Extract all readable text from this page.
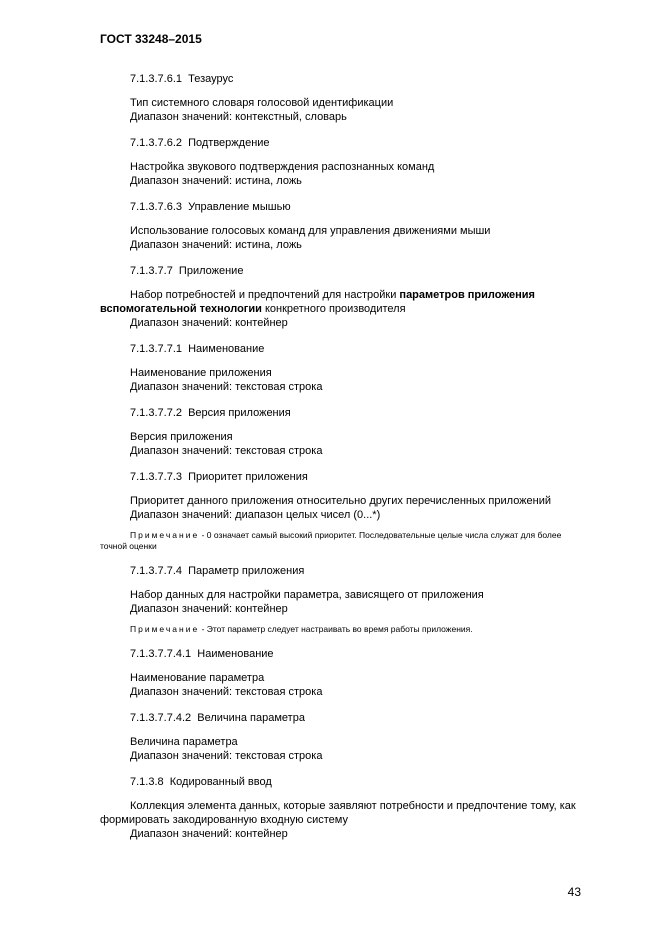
ГОСТ 33248–2015

7.1.3.7.6.1  Тезаурус

Тип системного словаря голосовой идентификации

Диапазон значений: контекстный, словарь

7.1.3.7.6.2  Подтверждение

Настройка звукового подтверждения распознанных команд

Диапазон значений: истина, ложь

7.1.3.7.6.3  Управление мышью

Использование голосовых команд для управления движениями мыши

Диапазон значений: истина, ложь

7.1.3.7.7  Приложение

Набор потребностей и предпочтений для настройки параметров приложения вспомогательной технологии конкретного производителя

Диапазон значений: контейнер

7.1.3.7.7.1  Наименование

Наименование приложения

Диапазон значений: текстовая строка

7.1.3.7.7.2  Версия приложения

Версия приложения

Диапазон значений: текстовая строка

7.1.3.7.7.3  Приоритет приложения

Приоритет данного приложения относительно других перечисленных приложений

Диапазон значений: диапазон целых чисел (0...*)

Примечание - 0 означает самый высокий приоритет. Последовательные целые числа служат для более точной оценки

7.1.3.7.7.4  Параметр приложения

Набор данных для настройки параметра, зависящего от приложения

Диапазон значений: контейнер

Примечание - Этот параметр следует настраивать во время работы приложения.

7.1.3.7.7.4.1  Наименование

Наименование параметра

Диапазон значений: текстовая строка

7.1.3.7.7.4.2  Величина параметра

Величина параметра

Диапазон значений: текстовая строка

7.1.3.8  Кодированный ввод

Коллекция элемента данных, которые заявляют потребности и предпочтение тому, как формировать закодированную входную систему

Диапазон значений: контейнер

43
